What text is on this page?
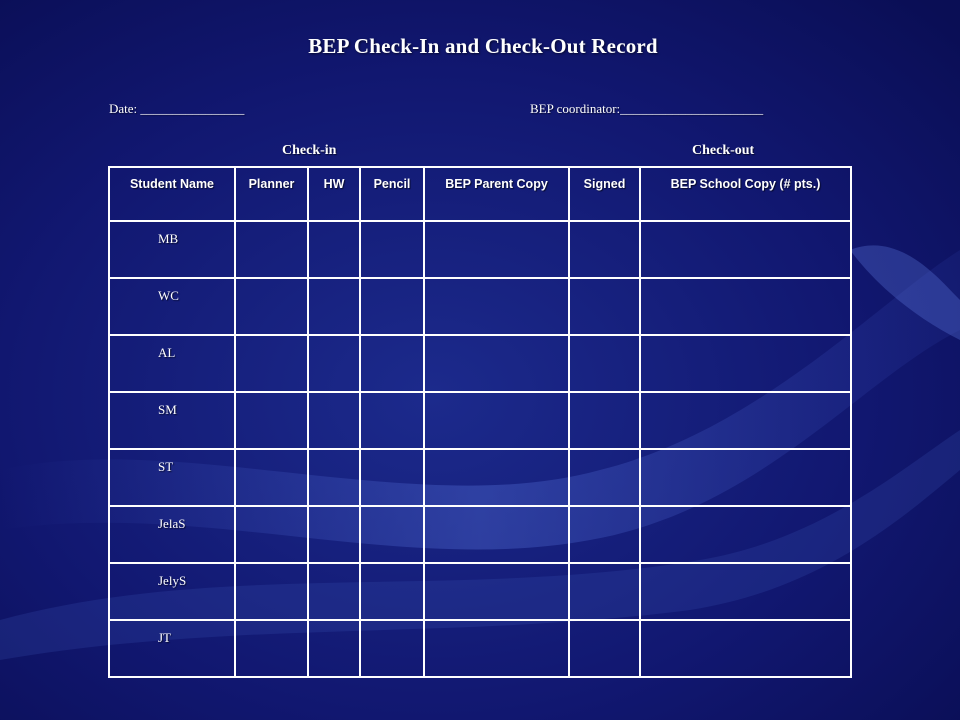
BEP Check-In and Check-Out Record
Date: ________________	BEP coordinator:______________________
Check-in	Check-out
Student Name	Planner	HW	Pencil	BEP Parent Copy	Signed	BEP School Copy (# pts.)
MB						
WC						
AL						
SM						
ST						
JelaS						
JelyS						
JT						
